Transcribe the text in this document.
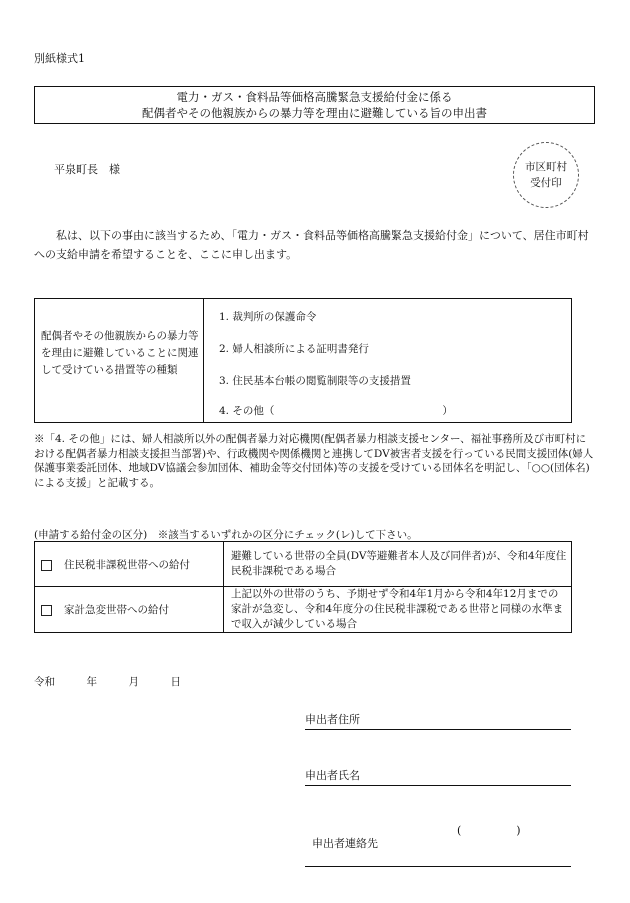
別紙様式1
電力・ガス・食料品等価格高騰緊急支援給付金に係る
配偶者やその他親族からの暴力等を理由に避難している旨の申出書
平泉町長　様	市区町村
受付印
私は、以下の事由に該当するため、「電力・ガス・食料品等価格高騰緊急支援給付金」について、居住市町村への支給申請を希望することを、ここに申し出ます。
配偶者やその他親族からの暴力等を理由に避難していることに関連して受けている措置等の種類
1. 裁判所の保護命令
2. 婦人相談所による証明書発行
3. 住民基本台帳の閲覧制限等の支援措置
4. その他（　　　　　　　　　　　　　　　　）
※「4. その他」には、婦人相談所以外の配偶者暴力対応機関(配偶者暴力相談支援センター、福祉事務所及び市町村における配偶者暴力相談支援担当部署)や、行政機関や関係機関と連携してDV被害者支援を行っている民間支援団体(婦人保護事業委託団体、地域DV協議会参加団体、補助金等交付団体)等の支援を受けている団体名を明記し、「○○(団体名)による支援」と記載する。
(申請する給付金の区分)　※該当するいずれかの区分にチェック(レ)して下さい。
住民税非課税世帯への給付
避難している世帯の全員(DV等避難者本人及び同伴者)が、令和4年度住民税非課税である場合
家計急変世帯への給付
上記以外の世帯のうち、予期せず令和4年1月から令和4年12月までの家計が急変し、令和4年度分の住民税非課税である世帯と同様の水準まで収入が減少している場合
令和　　　年　　　月　　　日
申出者住所
申出者氏名

申出者連絡先

(　　　　　)
